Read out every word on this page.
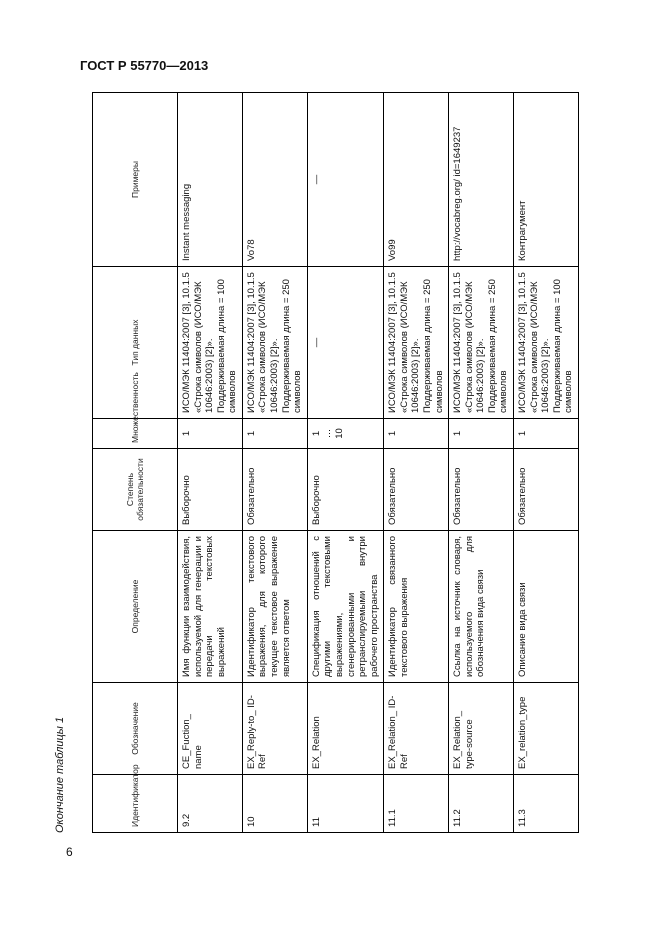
ГОСТ Р 55770—2013
Окончание таблицы 1	Идентификатор	Обозначение	Определение	Степень обязательности	Множественность	Тип данных	Примеры
9.2	CE_Fuction_ name	Имя функции взаимодействия, используемой для генерации и передачи текстовых выражений	Выборочно	1	ИСО/МЭК 11404:2007 [3], 10.1.5 «Строка символов (ИСО/МЭК 10646:2003) [2]». Поддерживаемая длина = 100 символов	Instant messaging
10	EX_Reply-to_ ID-Ref	Идентификатор текстового выражения, для которого текущее текстовое выражение является ответом	Обязательно	1	ИСО/МЭК 11404:2007 [3], 10.1.5 «Строка символов (ИСО/МЭК 10646:2003) [2]». Поддерживаемая длина = 250 символов	Vo78
11	EX_Relation	Спецификация отношений с другими текстовыми выражениями, сгенерированными и ретранслируемыми внутри рабочего пространства	Выборочно	1 … 10	—	—
11.1	EX_Relation_ ID-Ref	Идентификатор связанного текстового выражения	Обязательно	1	ИСО/МЭК 11404:2007 [3], 10.1.5 «Строка символов (ИСО/МЭК 10646:2003) [2]». Поддерживаемая длина = 250 символов	Vo99
11.2	EX_Relation_ type-source	Ссылка на источник словаря, используемого для обозначения вида связи	Обязательно	1	ИСО/МЭК 11404:2007 [3], 10.1.5 «Строка символов (ИСО/МЭК 10646:2003) [2]». Поддерживаемая длина = 250 символов	http://vocabreg.org/ id=1649237
11.3	EX_relation_type	Описание вида связи	Обязательно	1	ИСО/МЭК 11404:2007 [3], 10.1.5 «Строка символов (ИСО/МЭК 10646:2003) [2]». Поддерживаемая длина = 100 символов	Контрагумент
6
